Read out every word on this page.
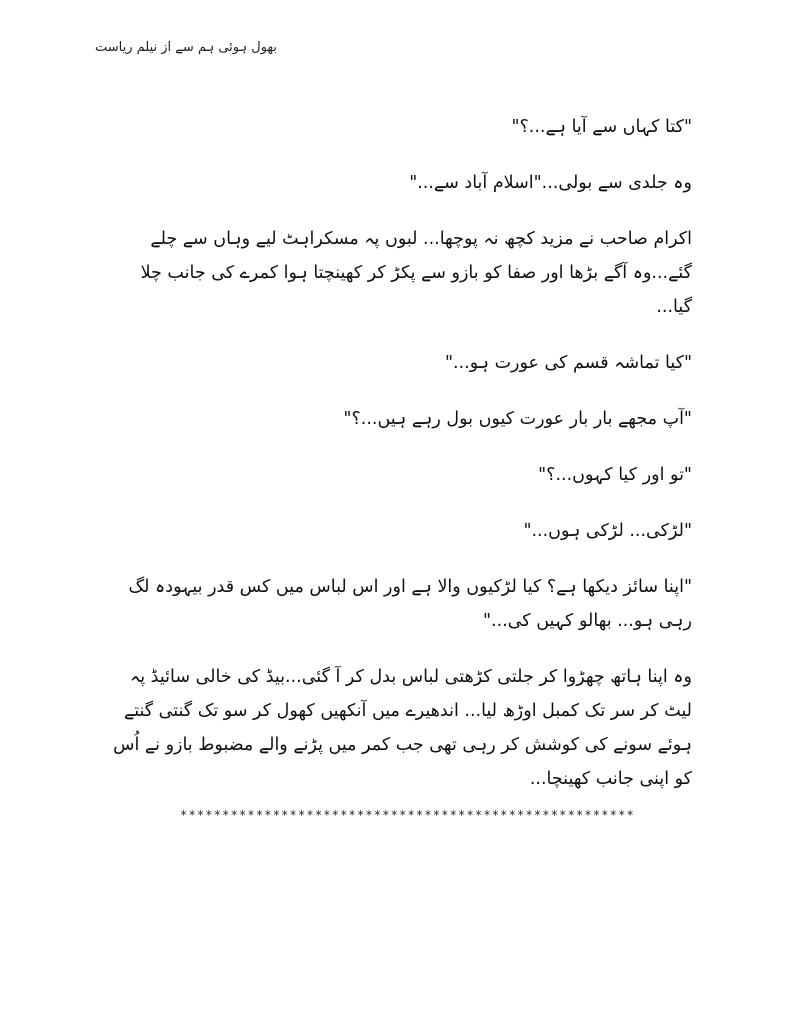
بھول ہوئی ہم سے از نیلم ریاست

"کتا کہاں سے آیا ہے...؟"

وہ جلدی سے بولی..."اسلام آباد سے..."

اکرام صاحب نے مزید کچھ نہ پوچھا... لبوں پہ مسکراہٹ لیے وہاں سے چلے گئے...وہ آگے بڑھا اور صفا کو بازو سے پکڑ کر کھینچتا ہوا کمرے کی جانب چلا گیا...

"کیا تماشہ قسم کی عورت ہو..."

"آپ مجھے بار بار عورت کیوں بول رہے ہیں...؟"

"تو اور کیا کہوں...؟"

"لڑکی... لڑکی ہوں..."

"اپنا سائز دیکھا ہے؟ کیا لڑکیوں والا ہے اور اس لباس میں کس قدر بیہودہ لگ رہی ہو... بھالو کہیں کی..."

وہ اپنا ہاتھ چھڑوا کر جلتی کڑھتی لباس بدل کر آ گئی...بیڈ کی خالی سائیڈ پہ لیٹ کر سر تک کمبل اوڑھ لیا... اندھیرے میں آنکھیں کھول کر سو تک گنتی گنتے ہوئے سونے کی کوشش کر رہی تھی جب کمر میں پڑنے والے مضبوط بازو نے اُس کو اپنی جانب کھینچا...

******************************************************
